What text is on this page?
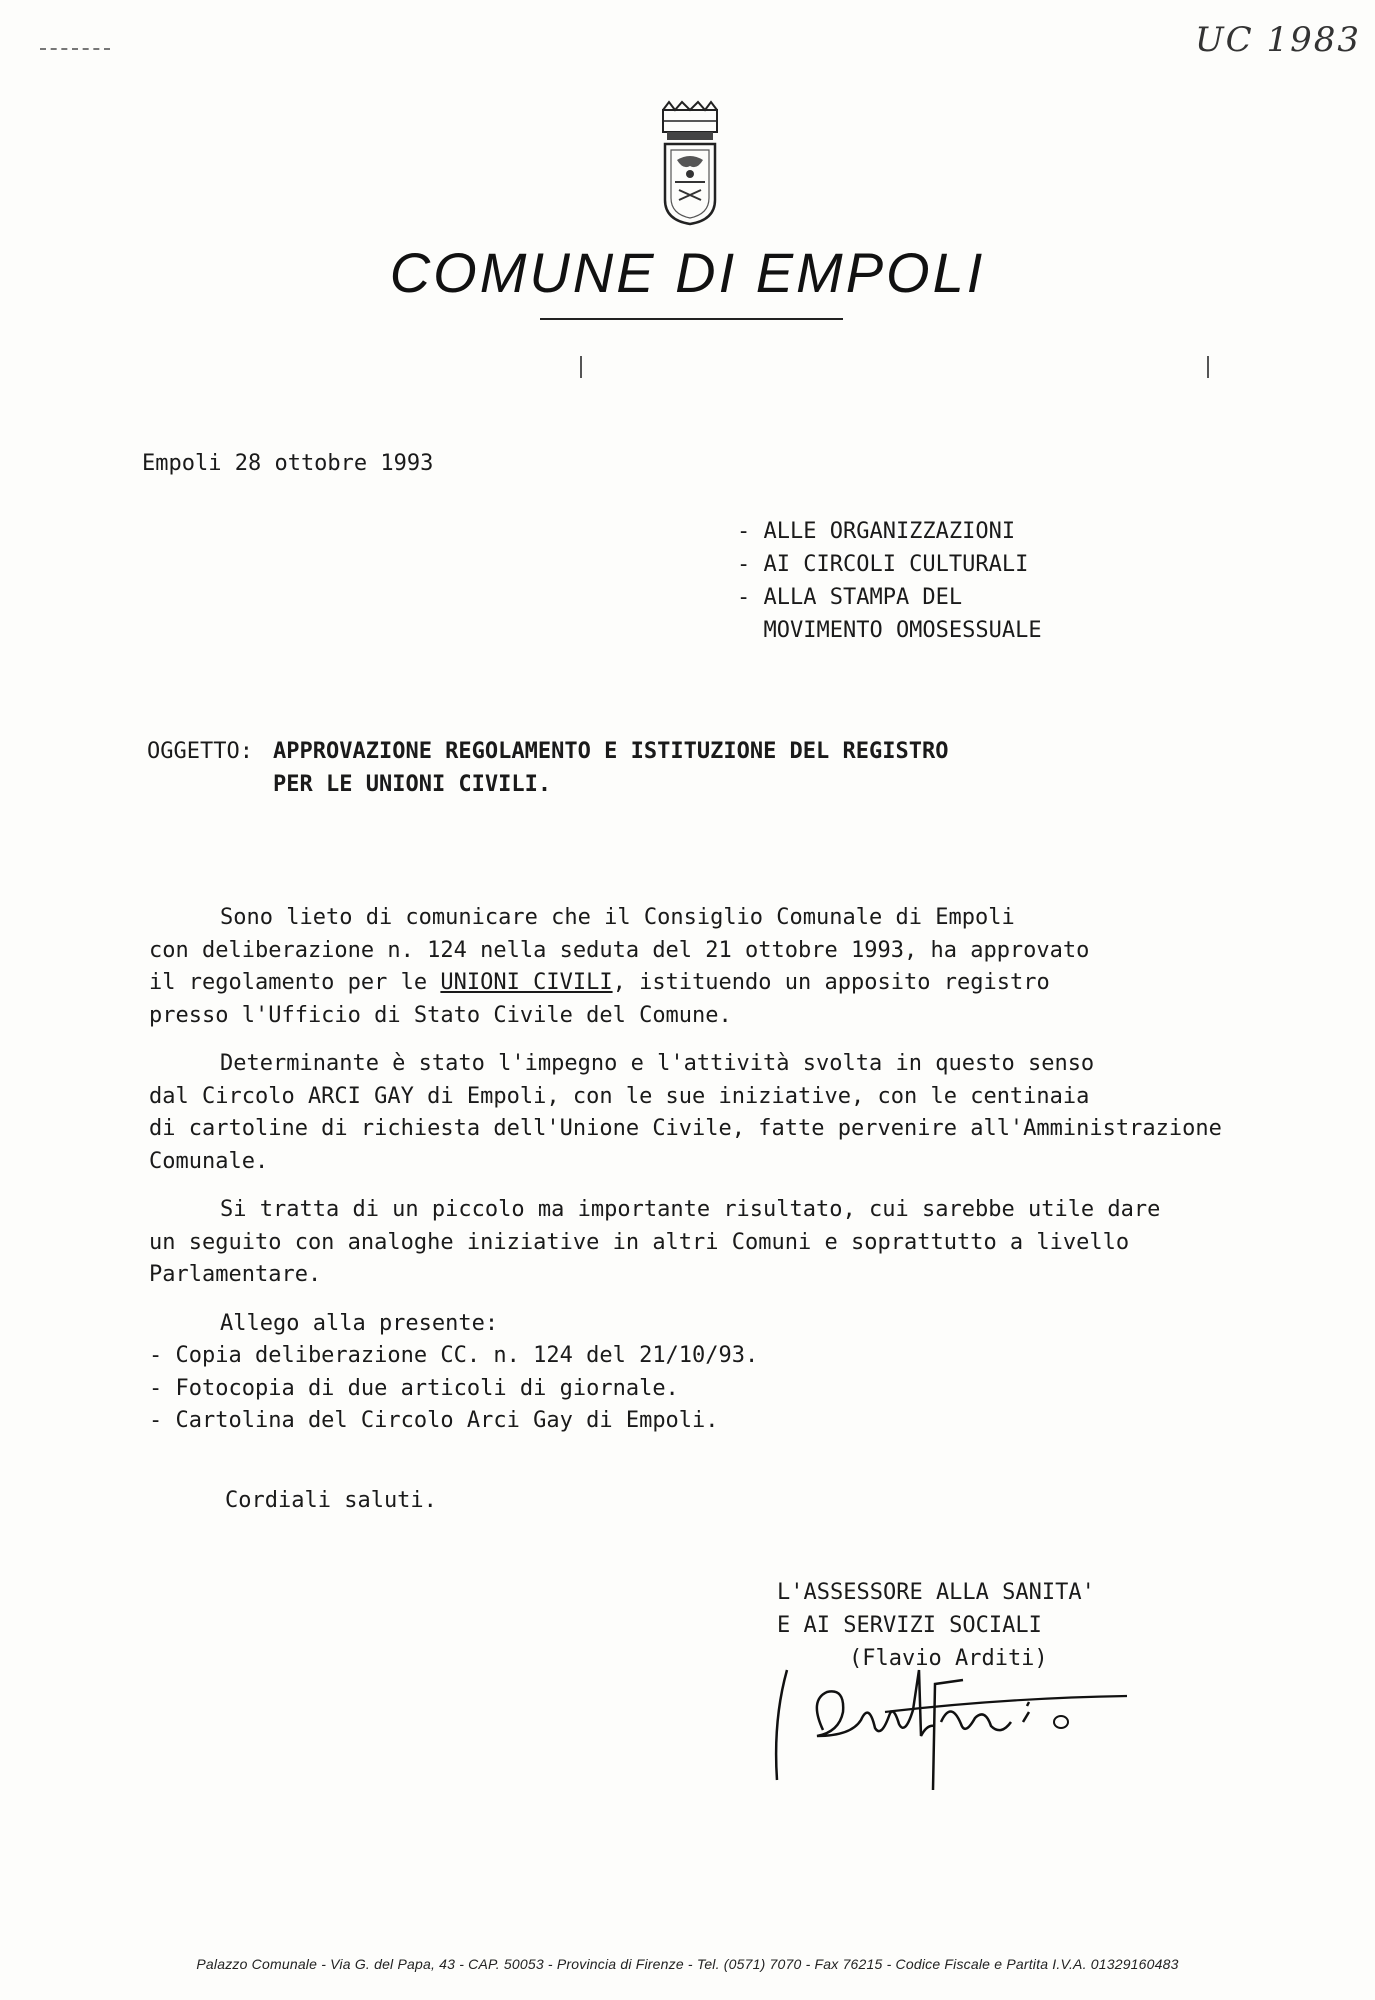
UC 1983
COMUNE DI EMPOLI
Empoli 28 ottobre 1993
- ALLE ORGANIZZAZIONI
- AI CIRCOLI CULTURALI
- ALLA STAMPA DEL
MOVIMENTO OMOSESSUALE
OGGETTO: APPROVAZIONE REGOLAMENTO E ISTITUZIONE DEL REGISTRO
PER LE UNIONI CIVILI.

Sono lieto di comunicare che il Consiglio Comunale di Empoli
con deliberazione n. 124 nella seduta del 21 ottobre 1993, ha approvato
il regolamento per le UNIONI CIVILI, istituendo un apposito registro
presso l'Ufficio di Stato Civile del Comune.

Determinante è stato l'impegno e l'attività svolta in questo senso
dal Circolo ARCI GAY di Empoli, con le sue iniziative, con le centinaia
di cartoline di richiesta dell'Unione Civile, fatte pervenire all'Amministrazione
Comunale.

Si tratta di un piccolo ma importante risultato, cui sarebbe utile dare
un seguito con analoghe iniziative in altri Comuni e soprattutto a livello
Parlamentare.

Allego alla presente:
- Copia deliberazione CC. n. 124 del 21/10/93.
- Fotocopia di due articoli di giornale.
- Cartolina del Circolo Arci Gay di Empoli.
Cordiali saluti.
L'ASSESSORE ALLA SANITA'
E AI SERVIZI SOCIALI
(Flavio Arditi)
Palazzo Comunale - Via G. del Papa, 43 - CAP. 50053 - Provincia di Firenze - Tel. (0571) 7070 - Fax 76215 - Codice Fiscale e Partita I.V.A. 01329160483
